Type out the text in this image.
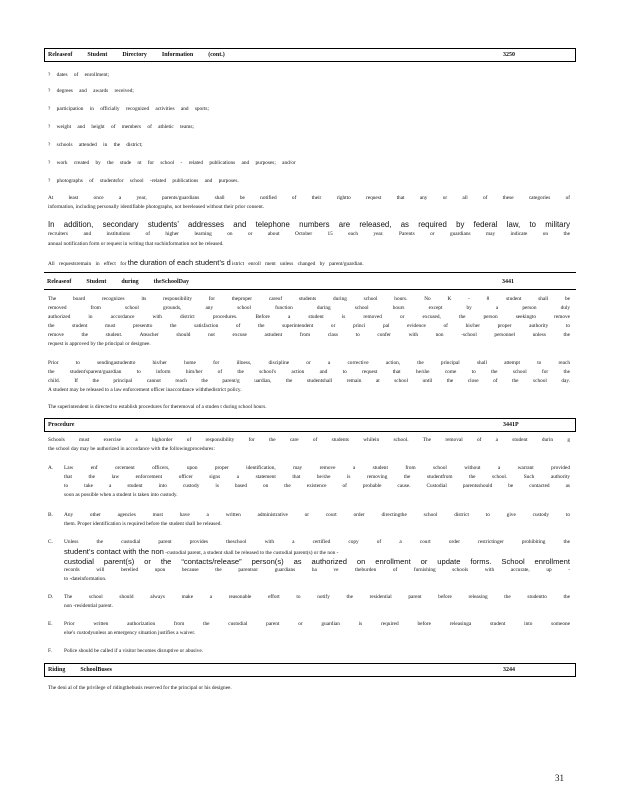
Releaseof          Student          Directory          Information          (cont.)	3250
? dates of enrollment;
? degrees and awards received;
? participation in officially recognized activities and sports;
? weight and height of members of athletic teams;
? schools attended in the district;
? work created by the stude nt for school - related publications and purposes; and/or
? photographs of studentsfor school -related publications and purposes.
At least once a year, parents/guardians shall be notified of their rightto request that any or all of these categories of
information, including personally identifiable photographs, not bereleased without their prior consent.
In addition, secondary students’ addresses and telephone numbers are released, as required by federal law, to military
recruiters and institutions of higher learning on or about October 15 each year. Parents or guardians may indicate on the
annual notification form or request in writing that suchinformation not be released.
All requestsremain in effect for the duration of each student’s d istrict enroll ment unless changed by parent/guardian.
Releaseof          Student          during          theSchoolDay	3441
The board recognizes its responsibility for theproper careof students during school hours. No K - 8 student shall be
removed from school grounds, any school function during school hours except by a person duly
authorized in accordance with district procedures. Before a student is removed or excused, the person seekingto remove
the student must presentto the satisfaction of the superintendent or princi pal evidence of his/her proper authority to
remove the student. Ateacher should not excuse astudent from class to confer with non -school personnel unless the
request is approved by the principal or designee.
Prior to sendingastudentto his/her home for illness, discipline or a corrective action, the principal shall attempt to reach
the student'sparent/guardian to inform him/her of the school's action and to request that he/she come to the school for the
child. If the principal cannot reach the parent/g uardian, the studentshall remain at school until the close of the school day.
A student may be released to a law enforcement officer inaccordance withthedistrict policy.
The superintendent is directed to establish procedures for theremoval of a studen t during school hours.
Procedure	3441P
Schools must exercise a highorder of responsibility for the care of students whilein school. The removal of a student durin g
the school day may be authorized in accordance with the followingprocedures:
A. Law enf orcement officers, upon proper identification, may remove a student from school without a warrant provided
that the law enforcement officer signs a statement that he/she is removing the studentfrom the school. Such authority
to take a student into custody is based on the existence of probable cause. Custodial parentsshould be contacted as
soon as possible when a student is taken into custody.
B. Any other agencies must have a written administrative or court order directingthe school district to give custody to
them. Proper identification is required before the student shall be released.
C. Unless the custodial parent provides theschool with a certified copy of a court order restrictinger prohibiting the
student’s contact with the non -custodial parent, a student shall be released to the custodial parent(s) or the non -
custodial parent(s) or the “contacts/release” person(s) as authorized on enrollment or update forms. School enrollment
records will berelied upon because the parentsor guardians ha ve theburden of furnishing schools with accurate, up -
to -dateinformation.
D. The school should always make a reasonable effort to notify the residential parent before releasing the studentto the
non -residential parent.
E. Prior written authorization from the custodial parent or guardian is required before releasinga student into someone
else's custodyunless an emergency situation justifies a waiver.
F. Police should be called if a visitor becomes disruptive or abusive.
Riding          SchoolBuses	3244
The deni al of the privilege of ridingthebusis reserved for the principal or his designee.
31
